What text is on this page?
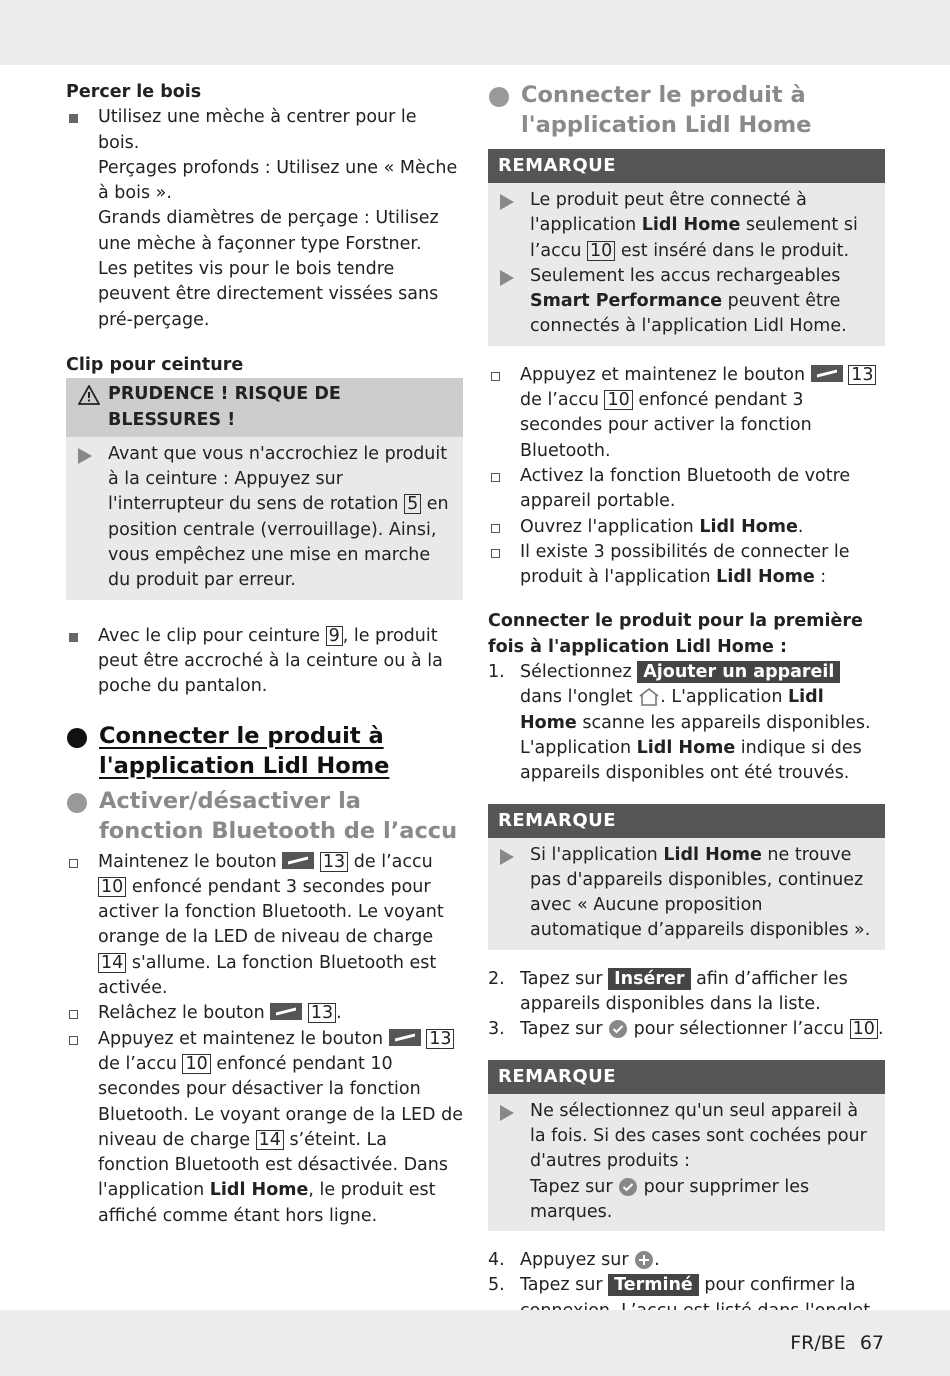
Percer le bois

Utilisez une mèche à centrer pour le bois.
Perçages profonds : Utilisez une « Mèche à bois ».
Grands diamètres de perçage : Utilisez une mèche à façonner type Forstner.
Les petites vis pour le bois tendre peuvent être directement vissées sans pré-perçage.

Clip pour ceinture

PRUDENCE ! RISQUE DE BLESSURES !
Avant que vous n'accrochiez le produit à la ceinture : Appuyez sur l'interrupteur du sens de rotation 5 en position centrale (verrouillage). Ainsi, vous empêchez une mise en marche du produit par erreur.
Avec le clip pour ceinture 9 , le produit peut être accroché à la ceinture ou à la poche du pantalon.

Connecter le produit à l'application Lidl Home

Activer/désactiver la fonction Bluetooth de l’accu

Maintenez le bouton  13 de l’accu 10 enfoncé pendant 3 secondes pour activer la fonction Bluetooth. Le voyant orange de la LED de niveau de charge 14 s'allume. La fonction Bluetooth est activée.
Relâchez le bouton  13 .
Appuyez et maintenez le bouton  13 de l’accu 10 enfoncé pendant 10 secondes pour désactiver la fonction Bluetooth. Le voyant orange de la LED de niveau de charge 14 s’éteint. La fonction Bluetooth est désactivée. Dans l'application Lidl Home, le produit est affiché comme étant hors ligne.

Connecter le produit à l'application Lidl Home

REMARQUE
Le produit peut être connecté à l'application Lidl Home seulement si l’accu 10 est inséré dans le produit.
Seulement les accus rechargeables Smart Performance peuvent être connectés à l'application Lidl Home.
Appuyez et maintenez le bouton  13 de l’accu 10 enfoncé pendant 3 secondes pour activer la fonction Bluetooth.
Activez la fonction Bluetooth de votre appareil portable.
Ouvrez l'application Lidl Home.
Il existe 3 possibilités de connecter le produit à l'application Lidl Home :

Connecter le produit pour la première fois à l'application Lidl Home :

1. Sélectionnez Ajouter un appareil dans l'onglet . L'application Lidl Home scanne les appareils disponibles. L'application Lidl Home indique si des appareils disponibles ont été trouvés.
REMARQUE
Si l'application Lidl Home ne trouve pas d'appareils disponibles, continuez avec « Aucune proposition automatique d’appareils disponibles ».
2. Tapez sur Insérer afin d’afficher les appareils disponibles dans la liste.
3. Tapez sur  pour sélectionner l’accu 10 .
REMARQUE
Ne sélectionnez qu'un seul appareil à la fois. Si des cases sont cochées pour d'autres produits :
Tapez sur  pour supprimer les marques.
4. Appuyez sur .
5. Tapez sur Terminé pour confirmer la
FR/BE 67
